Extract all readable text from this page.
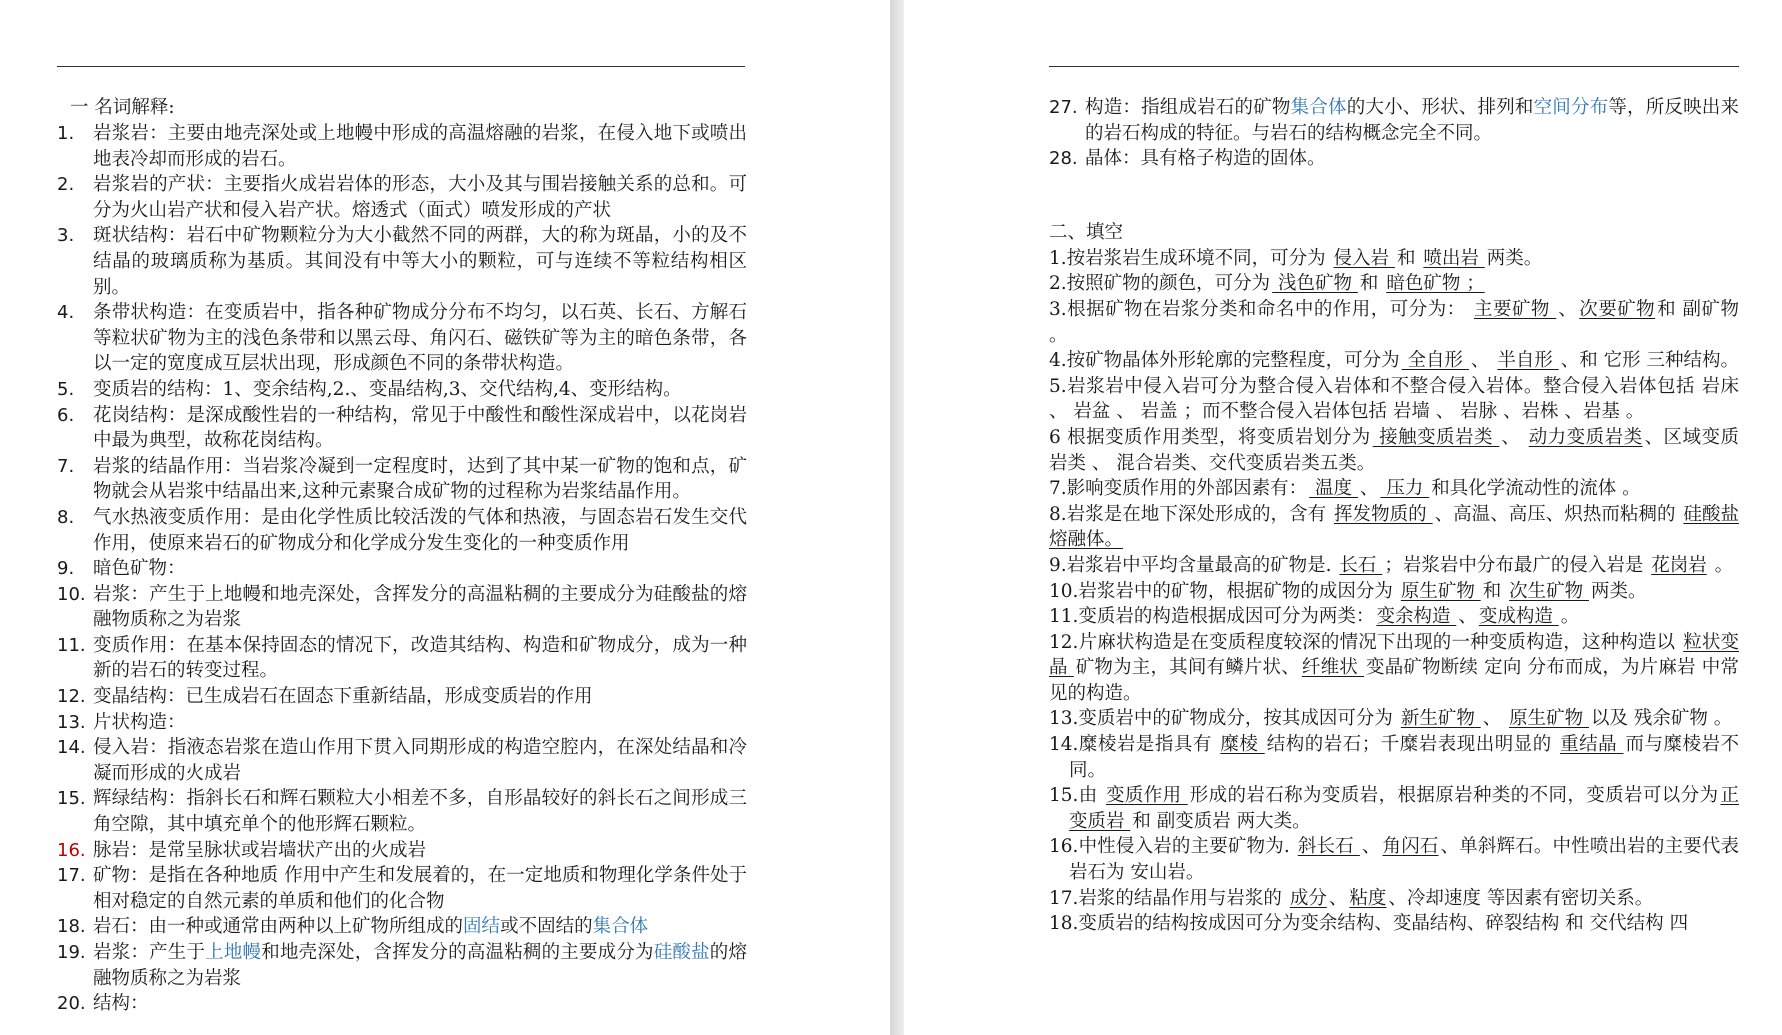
一 名词解释:
1.	岩浆岩：主要由地壳深处或上地幔中形成的高温熔融的岩浆，在侵入地下或喷出地表冷却而形成的岩石。
2.	岩浆岩的产状：主要指火成岩岩体的形态，大小及其与围岩接触关系的总和。可分为火山岩产状和侵入岩产状。熔透式（面式）喷发形成的产状
3.	斑状结构：岩石中矿物颗粒分为大小截然不同的两群，大的称为斑晶，小的及不结晶的玻璃质称为基质。其间没有中等大小的颗粒，可与连续不等粒结构相区别。
4.	条带状构造：在变质岩中，指各种矿物成分分布不均匀，以石英、长石、方解石等粒状矿物为主的浅色条带和以黑云母、角闪石、磁铁矿等为主的暗色条带，各以一定的宽度成互层状出现，形成颜色不同的条带状构造。
5.	变质岩的结构：1、变余结构,2.、变晶结构,3、交代结构,4、变形结构。
6.	花岗结构：是深成酸性岩的一种结构，常见于中酸性和酸性深成岩中，以花岗岩中最为典型，故称花岗结构。
7.	岩浆的结晶作用：当岩浆冷凝到一定程度时，达到了其中某一矿物的饱和点，矿物就会从岩浆中结晶出来,这种元素聚合成矿物的过程称为岩浆结晶作用。
8.	气水热液变质作用：是由化学性质比较活泼的气体和热液，与固态岩石发生交代作用，使原来岩石的矿物成分和化学成分发生变化的一种变质作用
9.	暗色矿物：
10. 岩浆：产生于上地幔和地壳深处，含挥发分的高温粘稠的主要成分为硅酸盐的熔融物质称之为岩浆
11. 变质作用：在基本保持固态的情况下，改造其结构、构造和矿物成分，成为一种新的岩石的转变过程。
12. 变晶结构：已生成岩石在固态下重新结晶，形成变质岩的作用
13. 片状构造：
14. 侵入岩：指液态岩浆在造山作用下贯入同期形成的构造空腔内，在深处结晶和冷凝而形成的火成岩
15. 辉绿结构：指斜长石和辉石颗粒大小相差不多，自形晶较好的斜长石之间形成三角空隙，其中填充单个的他形辉石颗粒。
16. 脉岩：是常呈脉状或岩墙状产出的火成岩
17. 矿物：是指在各种地质 作用中产生和发展着的，在一定地质和物理化学条件处于相对稳定的自然元素的单质和他们的化合物
18. 岩石：由一种或通常由两种以上矿物所组成的固结或不固结的集合体
19. 岩浆：产生于上地幔和地壳深处，含挥发分的高温粘稠的主要成分为硅酸盐的熔融物质称之为岩浆
20. 结构：
27. 构造：指组成岩石的矿物集合体的大小、形状、排列和空间分布等，所反映出来的岩石构成的特征。与岩石的结构概念完全不同。
28. 晶体：具有格子构造的固体。
二、填空
1.按岩浆岩生成环境不同，可分为 侵入岩 和 喷出岩 两类。
2.按照矿物的颜色，可分为 浅色矿物 和 暗色矿物 ；
3.根据矿物在岩浆分类和命名中的作用，可分为： 主要矿物 、 次要矿物 和 副矿物 。
4.按矿物晶体外形轮廓的完整程度，可分为 全自形 、 半自形 、和 它形 三种结构。
5.岩浆岩中侵入岩可分为整合侵入岩体和不整合侵入岩体。整合侵入岩体包括 岩床 、 岩盆 、 岩盖 ；而不整合侵入岩体包括 岩墙 、 岩脉 、岩株 、岩基 。
6 根据变质作用类型，将变质岩划分为 接触变质岩类 、 动力变质岩类 、区域变质岩类 、 混合岩类、交代变质岩类五类。
7.影响变质作用的外部因素有： 温度 、 压力 和具化学流动性的流体 。
8.岩浆是在地下深处形成的，含有 挥发物质的 、高温、高压、炽热而粘稠的 硅酸盐熔融体。
9.岩浆岩中平均含量最高的矿物是. 长石 ；岩浆岩中分布最广的侵入岩是 花岗岩 。
10.岩浆岩中的矿物，根据矿物的成因分为 原生矿物 和 次生矿物 两类。
11.变质岩的构造根据成因可分为两类： 变余构造 、 变成构造 。
12.片麻状构造是在变质程度较深的情况下出现的一种变质构造，这种构造以 粒状变晶 矿物为主，其间有鳞片状、 纤维状 变晶矿物断续 定向 分布而成，为片麻岩 中常见的构造。
13.变质岩中的矿物成分，按其成因可分为 新生矿物 、 原生矿物 以及 残余矿物 。
14.糜棱岩是指具有 糜棱 结构的岩石；千糜岩表现出明显的 重结晶 而与糜棱岩不同。
15.由 变质作用 形成的岩石称为变质岩，根据原岩种类的不同，变质岩可以分为 正变质岩 和 副变质岩 两大类。
16.中性侵入岩的主要矿物为. 斜长石 、 角闪石 、单斜辉石。中性喷出岩的主要代表岩石为 安山岩。
17.岩浆的结晶作用与岩浆的 成分 、 粘度 、冷却速度 等因素有密切关系。
18.变质岩的结构按成因可分为变余结构、变晶结构、碎裂结构 和 交代结构 四
